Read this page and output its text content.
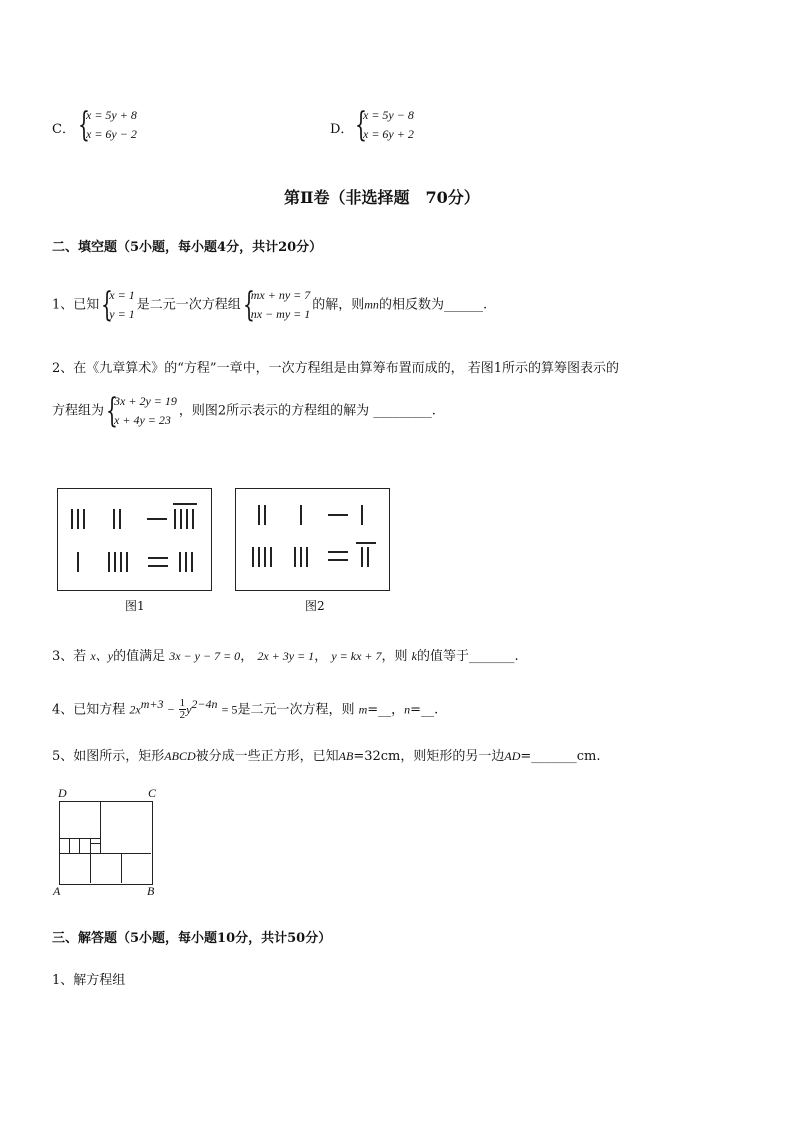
C． {
x = 5y + 8
x = 6y − 2	D． {
x = 5y − 8
x = 6y + 2
第Ⅱ卷（非选择题　70分）
二、填空题（5小题，每小题4分，共计20分）
1、已知 {
x = 1
y = 1
是二元一次方程组 {
mx + ny = 7
nx − my = 1
的解，则mn的相反数为______.
2、在《九章算术》的“方程”一章中，一次方程组是由算筹布置而成的， 若图1所示的算筹图表示的
方程组为 {
3x + 2y = 19
x + 4y = 23
，则图2所示表示的方程组的解为 _________.
图1	图2
3、若 x、y的值满足 3x − y − 7 = 0， 2x + 3y = 1， y = kx + 7，则 k的值等于_______.
4、已知方程 $2x^{m+3} - \frac{1}{2} y^{2-4n} = 5$是二元一次方程，则 m=__，n=__.
5、如图所示，矩形ABCD被分成一些正方形，已知AB=32cm，则矩形的另一边AD=_______cm.
D	C
A	B
三、解答题（5小题，每小题10分，共计50分）
1、解方程组
